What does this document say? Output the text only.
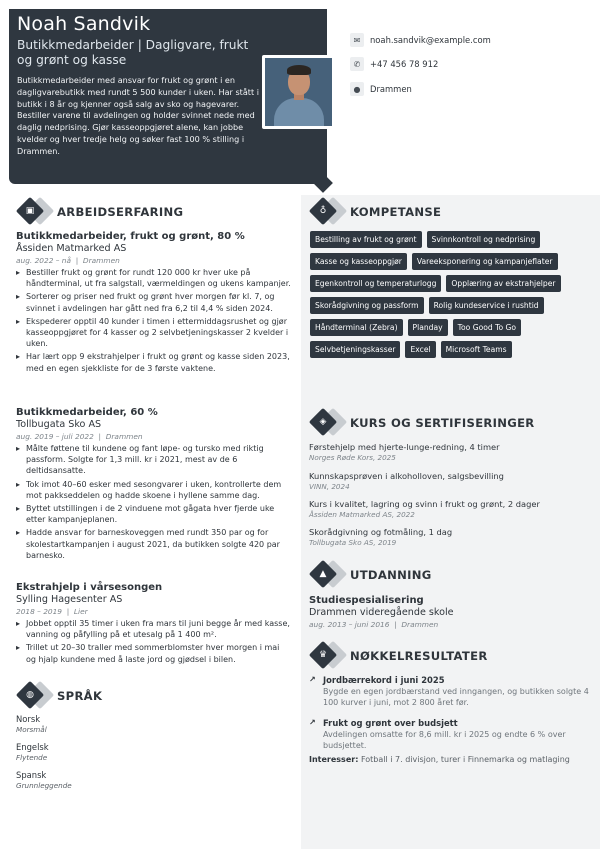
Noah Sandvik
Butikkmedarbeider | Dagligvare, frukt og grønt og kasse
Butikkmedarbeider med ansvar for frukt og grønt i en dagligvarebutikk med rundt 5 500 kunder i uken. Har stått i butikk i 8 år og kjenner også salg av sko og hagevarer. Bestiller varene til avdelingen og holder svinnet nede med daglig nedprising. Gjør kasseoppgjøret alene, kan jobbe kvelder og hver tredje helg og søker fast 100 % stilling i Drammen.
✉	noah.sandvik@example.com
✆	+47 456 78 912
●	Drammen
▣	ARBEIDSERFARING
Butikkmedarbeider, frukt og grønt, 80 %
Åssiden Matmarked AS
aug. 2022 – nå  |  Drammen
▸ Bestiller frukt og grønt for rundt 120 000 kr hver uke på håndterminal, ut fra salgstall, værmeldingen og ukens kampanjer.
▸ Sorterer og priser ned frukt og grønt hver morgen før kl. 7, og svinnet i avdelingen har gått ned fra 6,2 til 4,4 % siden 2024.
▸ Ekspederer opptil 40 kunder i timen i ettermiddagsrushet og gjør kasseoppgjøret for 4 kasser og 2 selvbetjeningskasser 2 kvelder i uken.
▸ Har lært opp 9 ekstrahjelper i frukt og grønt og kasse siden 2023, med en egen sjekkliste for de 3 første vaktene.
Butikkmedarbeider, 60 %
Tollbugata Sko AS
aug. 2019 – juli 2022  |  Drammen
▸ Målte føttene til kundene og fant løpe- og tursko med riktig passform. Solgte for 1,3 mill. kr i 2021, mest av de 6 deltidsansatte.
▸ Tok imot 40–60 esker med sesongvarer i uken, kontrollerte dem mot pakkseddelen og hadde skoene i hyllene samme dag.
▸ Byttet utstillingen i de 2 vinduene mot gågata hver fjerde uke etter kampanjeplanen.
▸ Hadde ansvar for barneskoveggen med rundt 350 par og for skolestartkampanjen i august 2021, da butikken solgte 420 par barnesko.
Ekstrahjelp i vårsesongen
Sylling Hagesenter AS
2018 – 2019  |  Lier
▸ Jobbet opptil 35 timer i uken fra mars til juni begge år med kasse, vanning og påfylling på et utesalg på 1 400 m².
▸ Trillet ut 20–30 traller med sommerblomster hver morgen i mai og hjalp kundene med å laste jord og gjødsel i bilen.
◍	SPRÅK
Norsk
Morsmål
Engelsk
Flytende
Spansk
Grunnleggende
♁	KOMPETANSE
Bestilling av frukt og grønt	Svinnkontroll og nedprising
Kasse og kasseoppgjør	Vareeksponering og kampanjeflater
Egenkontroll og temperaturlogg	Opplæring av ekstrahjelper
Skorådgivning og passform	Rolig kundeservice i rushtid
Håndterminal (Zebra)	Planday	Too Good To Go
Selvbetjeningskasser	Excel	Microsoft Teams
◈	KURS OG SERTIFISERINGER
Førstehjelp med hjerte-lunge-redning, 4 timer
Norges Røde Kors, 2025
Kunnskapsprøven i alkoholloven, salgsbevilling
VINN, 2024
Kurs i kvalitet, lagring og svinn i frukt og grønt, 2 dager
Åssiden Matmarked AS, 2022
Skorådgivning og fotmåling, 1 dag
Tollbugata Sko AS, 2019
▲	UTDANNING
Studiespesialisering
Drammen videregående skole
aug. 2013 – juni 2016  |  Drammen
♛	NØKKELRESULTATER
↗ Jordbærrekord i juni 2025
Bygde en egen jordbærstand ved inngangen, og butikken solgte 4 100 kurver i juni, mot 2 800 året før.
↗ Frukt og grønt over budsjett
Avdelingen omsatte for 8,6 mill. kr i 2025 og endte 6 % over budsjettet.
Interesser: Fotball i 7. divisjon, turer i Finnemarka og matlaging
